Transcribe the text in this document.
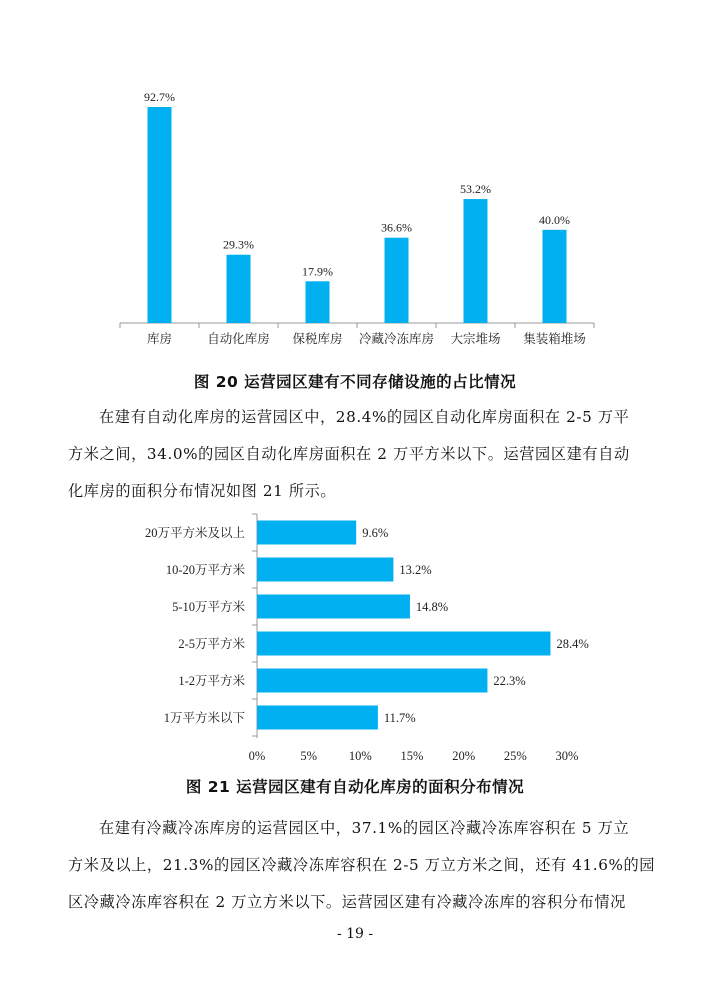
92.7%
库房
29.3%
自动化库房
17.9%
保税库房
36.6%
冷藏冷冻库房
53.2%
大宗堆场
40.0%
集装箱堆场
图 20 运营园区建有不同存储设施的占比情况
在建有自动化库房的运营园区中，28.4%的园区自动化库房面积在 2-5 万平
方米之间，34.0%的园区自动化库房面积在 2 万平方米以下。运营园区建有自动
化库房的面积分布情况如图 21 所示。
9.6%
20万平方米及以上
13.2%
10-20万平方米
14.8%
5-10万平方米
28.4%
2-5万平方米
22.3%
1-2万平方米
11.7%
1万平方米以下
0%	5%	10% 15% 20% 25% 30%
图 21 运营园区建有自动化库房的面积分布情况
在建有冷藏冷冻库房的运营园区中，37.1%的园区冷藏冷冻库容积在 5 万立
方米及以上，21.3%的园区冷藏冷冻库容积在 2-5 万立方米之间，还有 41.6%的园
区冷藏冷冻库容积在 2 万立方米以下。运营园区建有冷藏冷冻库的容积分布情况
- 19 -
